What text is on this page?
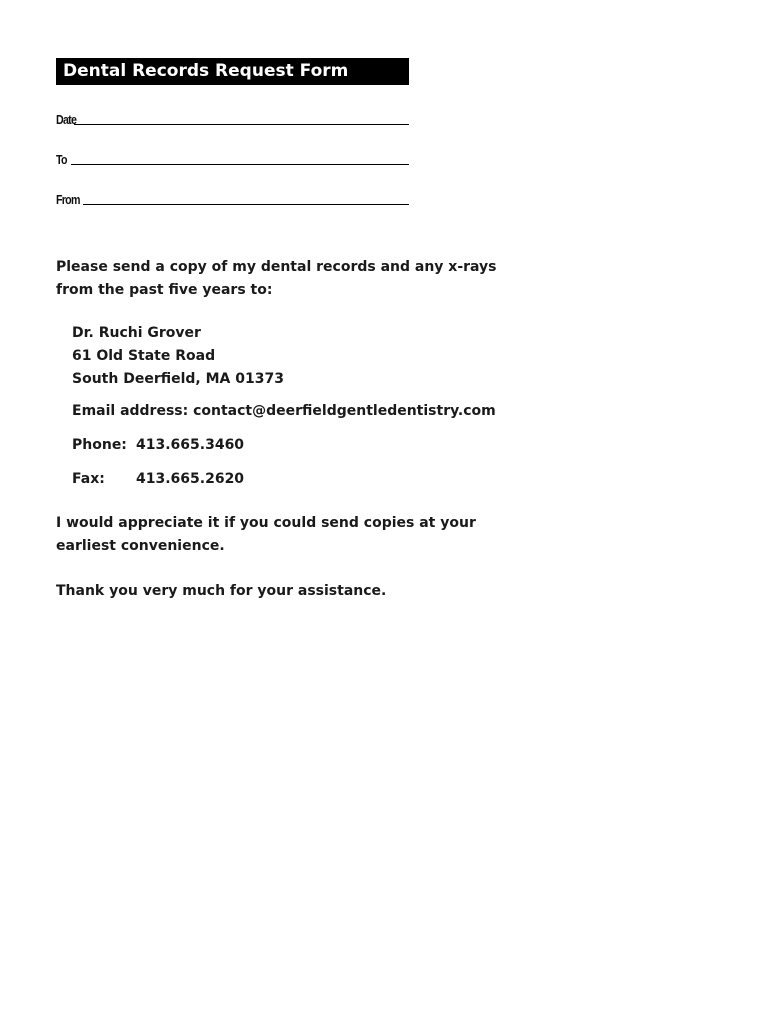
Dental Records Request Form
Date
To
From
Please send a copy of my dental records and any x-rays
from the past five years to:
Dr. Ruchi Grover
61 Old State Road
South Deerfield, MA 01373
Email address: contact@deerfieldgentledentistry.com
Phone: 413.665.3460
Fax:	413.665.2620
I would appreciate it if you could send copies at your
earliest convenience.
Thank you very much for your assistance.
